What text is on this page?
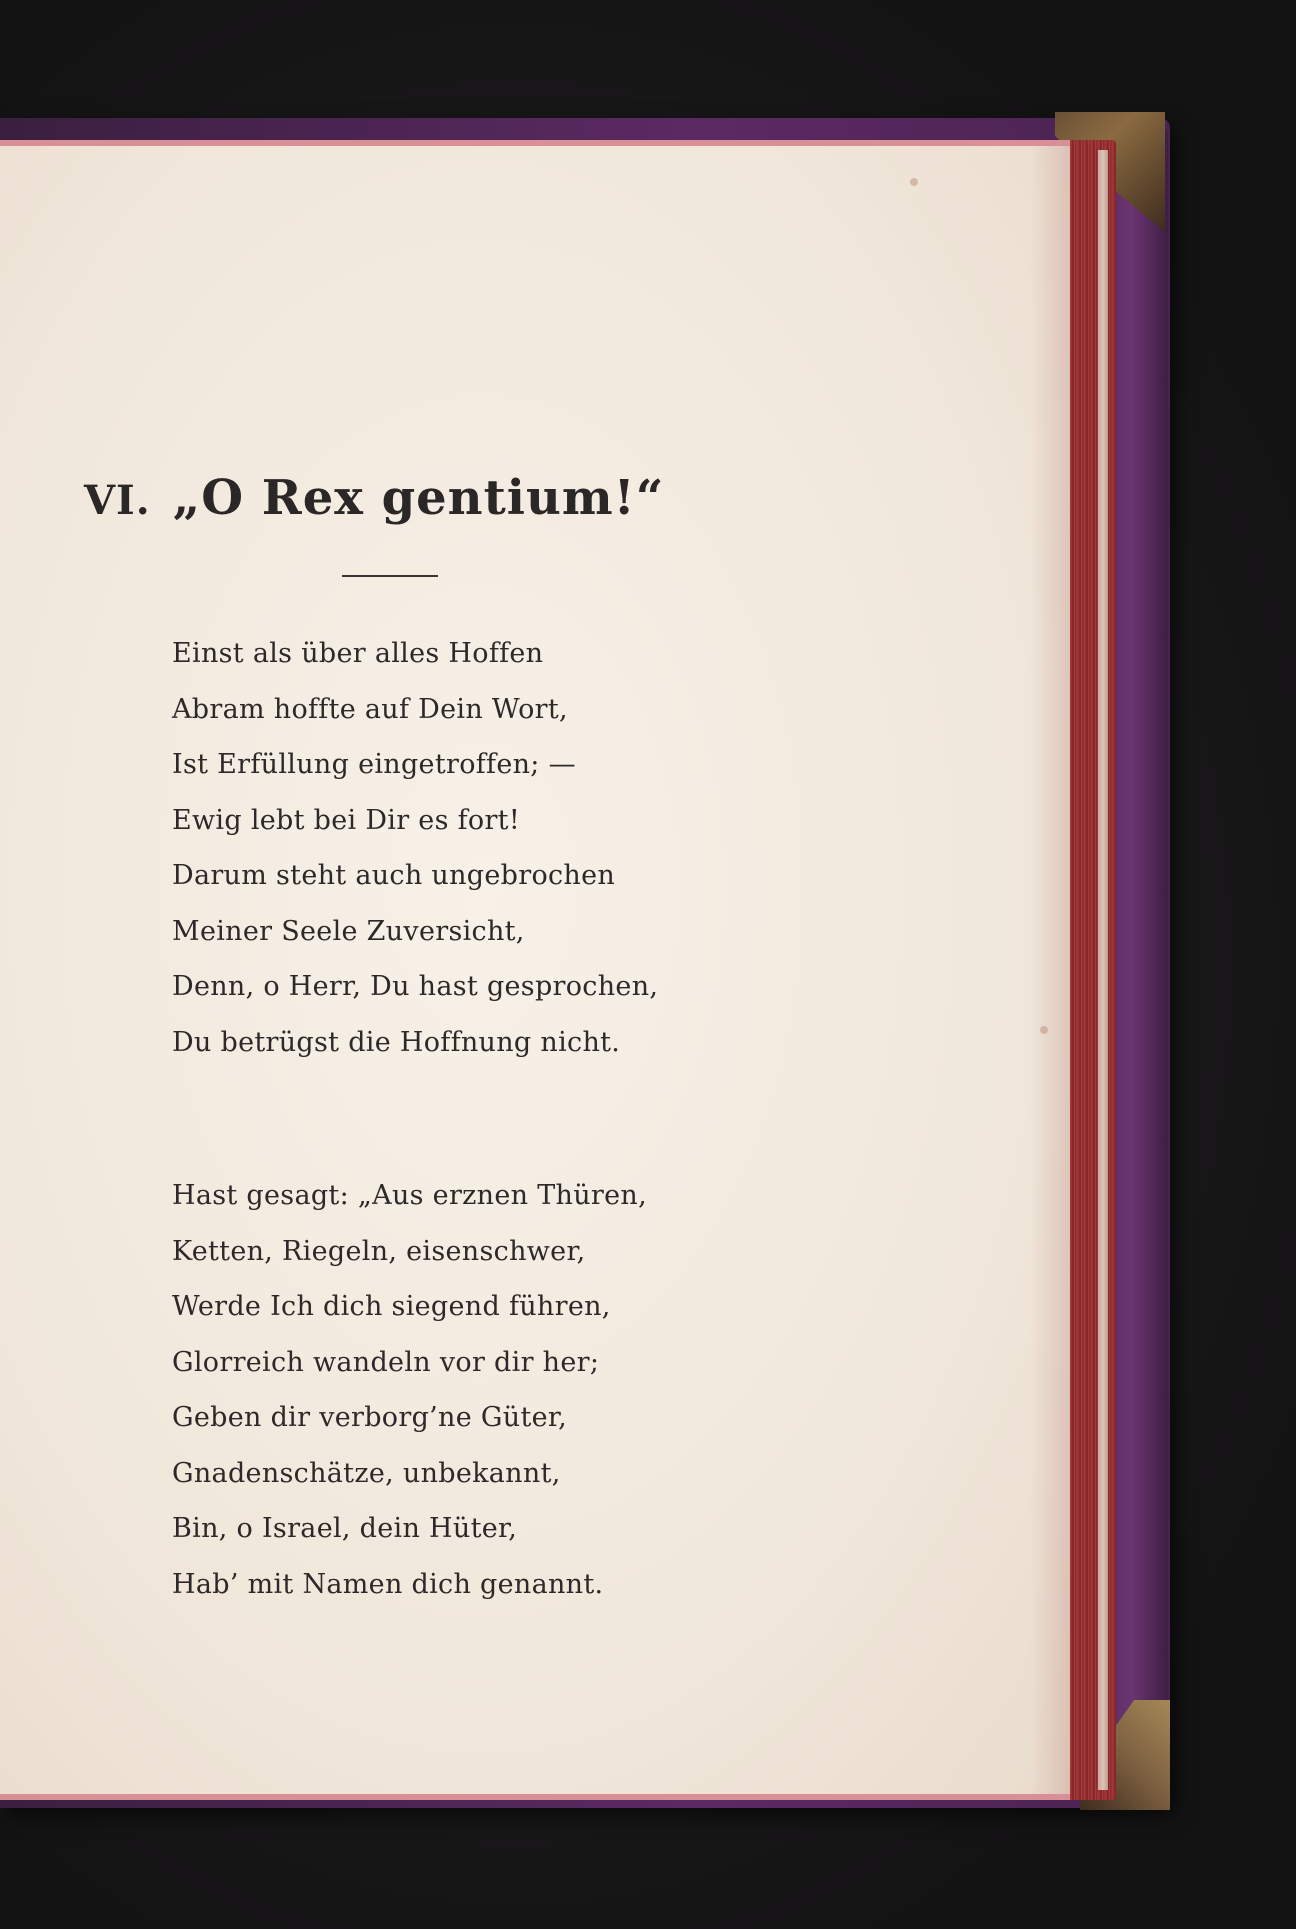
VI. „O Rex gentium!“
Einst als über alles Hoffen
Abram hoffte auf Dein Wort,
Ist Erfüllung eingetroffen; —
Ewig lebt bei Dir es fort!
Darum steht auch ungebrochen
Meiner Seele Zuversicht,
Denn, o Herr, Du hast gesprochen,
Du betrügst die Hoffnung nicht.
Hast gesagt: „Aus erznen Thüren,
Ketten, Riegeln, eisenschwer,
Werde Ich dich siegend führen,
Glorreich wandeln vor dir her;
Geben dir verborg’ne Güter,
Gnadenschätze, unbekannt,
Bin, o Israel, dein Hüter,
Hab’ mit Namen dich genannt.
